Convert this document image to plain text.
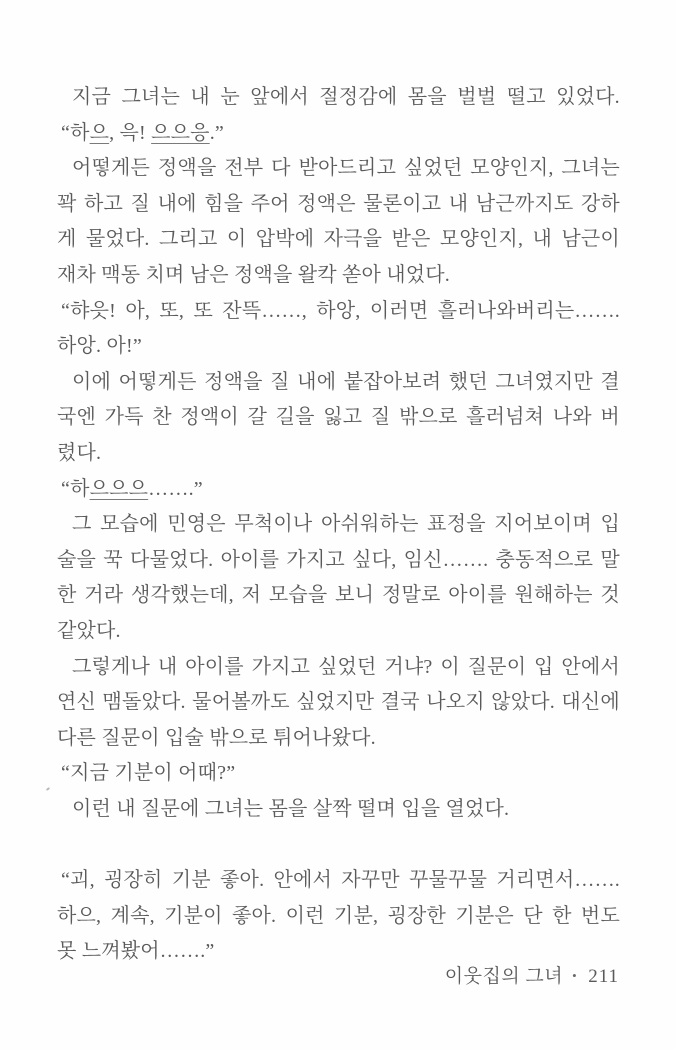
지금 그녀는 내 눈 앞에서 절정감에 몸을 벌벌 떨고 있었다.
“하으, 윽! 으으응.”
어떻게든 정액을 전부 다 받아드리고 싶었던 모양인지, 그녀는
꽉 하고 질 내에 힘을 주어 정액은 물론이고 내 남근까지도 강하
게 물었다. 그리고 이 압박에 자극을 받은 모양인지, 내 남근이
재차 맥동 치며 남은 정액을 왈칵 쏟아 내었다.
“햐읏! 아, 또, 또 잔뜩……, 하앙, 이러면 흘러나와버리는…….
하앙. 아!”
이에 어떻게든 정액을 질 내에 붙잡아보려 했던 그녀였지만 결
국엔 가득 찬 정액이 갈 길을 잃고 질 밖으로 흘러넘쳐 나와 버
렸다.
“하으으으…….”
그 모습에 민영은 무척이나 아쉬워하는 표정을 지어보이며 입
술을 꾹 다물었다. 아이를 가지고 싶다, 임신……. 충동적으로 말
한 거라 생각했는데, 저 모습을 보니 정말로 아이를 원해하는 것
같았다.
그렇게나 내 아이를 가지고 싶었던 거냐? 이 질문이 입 안에서
연신 맴돌았다. 물어볼까도 싶었지만 결국 나오지 않았다. 대신에
다른 질문이 입술 밖으로 튀어나왔다.
“지금 기분이 어때?”
이런 내 질문에 그녀는 몸을 살짝 떨며 입을 열었다.
“괴, 굉장히 기분 좋아. 안에서 자꾸만 꾸물꾸물 거리면서…….
하으, 계속, 기분이 좋아. 이런 기분, 굉장한 기분은 단 한 번도
못 느껴봤어…….”
이웃집의 그녀 • 211
